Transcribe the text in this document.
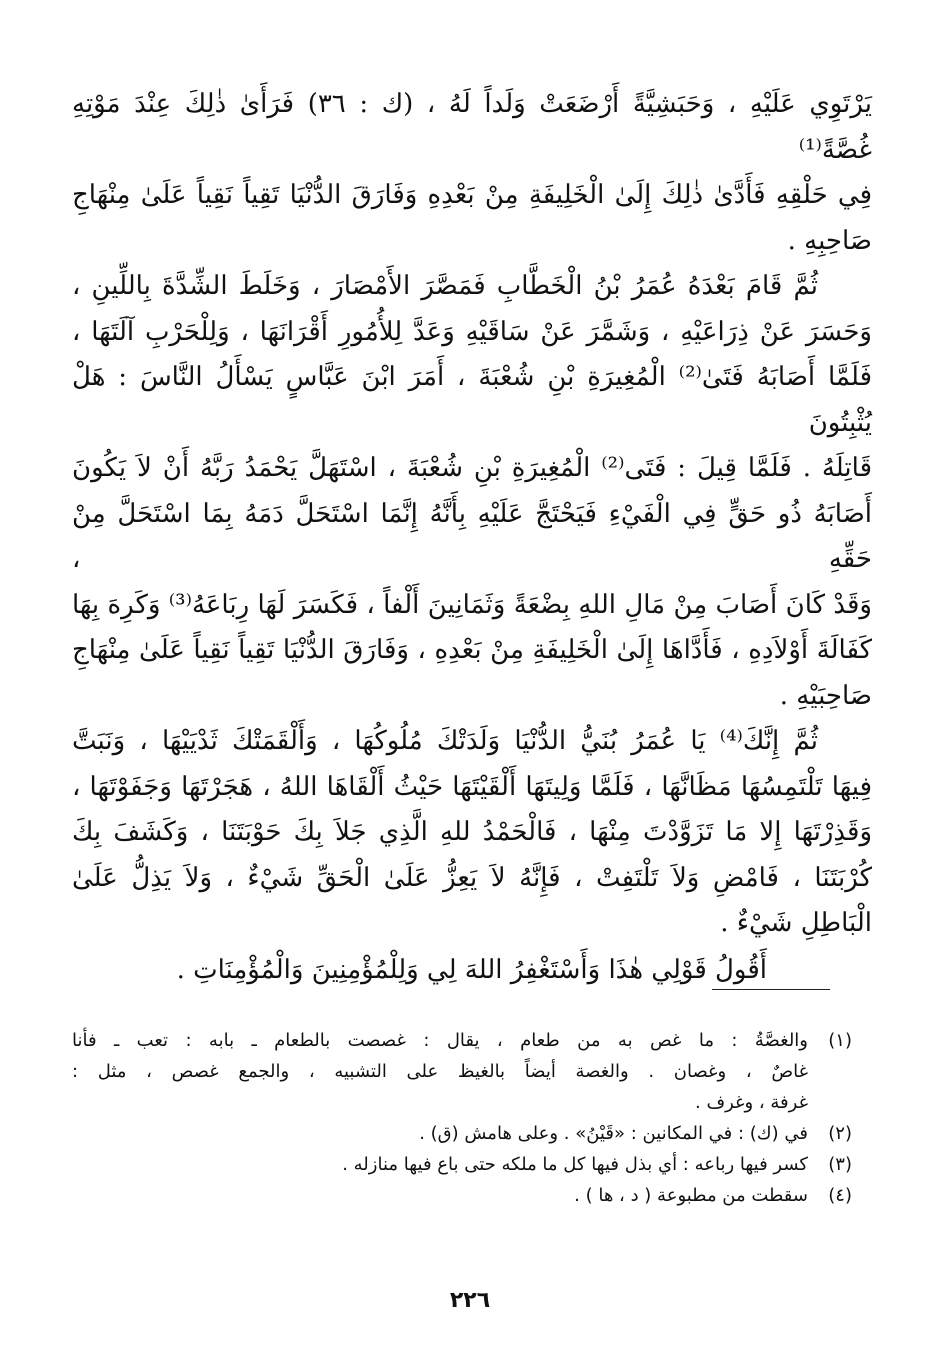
يَرْتَوِي عَلَيْهِ ، وَحَبَشِيَّةً أَرْضَعَتْ وَلَداً لَهُ ، (ك : ٣٦) فَرَأَىٰ ذٰلِكَ عِنْدَ مَوْتِهِ غُصَّةً⁽¹⁾
فِي حَلْقِهِ فَأَدَّىٰ ذٰلِكَ إِلَىٰ الْخَلِيفَةِ مِنْ بَعْدِهِ وَفَارَقَ الدُّنْيَا تَقِياً نَقِياً عَلَىٰ مِنْهَاجِ
صَاحِبِهِ .
ثُمَّ قَامَ بَعْدَهُ عُمَرُ بْنُ الْخَطَّابِ فَمَصَّرَ الأَمْصَارَ ، وَخَلَطَ الشِّدَّةَ بِاللِّينِ ،
وَحَسَرَ عَنْ ذِرَاعَيْهِ ، وَشَمَّرَ عَنْ سَاقَيْهِ وَعَدَّ لِلأُمُورِ أَقْرَانَهَا ، وَلِلْحَرْبِ آلَتَهَا ،
فَلَمَّا أَصَابَهُ فَتَىٰ⁽²⁾ الْمُغِيرَةِ بْنِ شُعْبَةَ ، أَمَرَ ابْنَ عَبَّاسٍ يَسْأَلُ النَّاسَ : هَلْ يُثْبِتُونَ
قَاتِلَهُ . فَلَمَّا قِيلَ : فَتَى⁽²⁾ الْمُغِيرَةِ بْنِ شُعْبَةَ ، اسْتَهَلَّ يَحْمَدُ رَبَّهُ أَنْ لاَ يَكُونَ
أَصَابَهُ ذُو حَقٍّ فِي الْفَيْءِ فَيَحْتَجَّ عَلَيْهِ بِأَنَّهُ إِنَّمَا اسْتَحَلَّ دَمَهُ بِمَا اسْتَحَلَّ مِنْ حَقِّهِ ،
وَقَدْ كَانَ أَصَابَ مِنْ مَالِ اللهِ بِضْعَةً وَثَمَانِينَ أَلْفاً ، فَكَسَرَ لَهَا رِبَاعَهُ⁽³⁾ وَكَرِهَ بِهَا
كَفَالَةَ أَوْلاَدِهِ ، فَأَدَّاهَا إِلَىٰ الْخَلِيفَةِ مِنْ بَعْدِهِ ، وَفَارَقَ الدُّنْيَا تَقِياً نَقِياً عَلَىٰ مِنْهَاجِ
صَاحِبَيْهِ .
ثُمَّ إِنَّكَ⁽⁴⁾ يَا عُمَرُ بُنَيُّ الدُّنْيَا وَلَدَتْكَ مُلُوكُهَا ، وَأَلْقَمَتْكَ ثَدْيَيْهَا ، وَنَبَتَّ
فِيهَا تَلْتَمِسُهَا مَظَانَّهَا ، فَلَمَّا وَلِيتَهَا أَلْقَيْتَهَا حَيْثُ أَلْقَاهَا اللهُ ، هَجَرْتَهَا وَجَفَوْتَهَا ،
وَقَذِرْتَهَا إِلا مَا تَزَوَّدْتَ مِنْهَا ، فَالْحَمْدُ للهِ الَّذِي جَلاَ بِكَ حَوْبَتَنَا ، وَكَشَفَ بِكَ
كُرْبَتَنَا ، فَامْضِ وَلاَ تَلْتَفِتْ ، فَإِنَّهُ لاَ يَعِزُّ عَلَىٰ الْحَقِّ شَيْءٌ ، وَلاَ يَذِلُّ عَلَىٰ
الْبَاطِلِ شَيْءٌ .

أَقُولُ قَوْلِي هٰذَا وَأَسْتَغْفِرُ اللهَ لِي وَلِلْمُؤْمِنِينَ وَالْمُؤْمِنَاتِ .

(١)
والغصَّةُ : ما غص به من طعام ، يقال : غصصت بالطعام ـ بابه : تعب ـ فأنا
غاصٌ ، وغصان . والغصة أيضاً بالغيظ على التشبيه ، والجمع غصص ، مثل :
غرفة ، وغرف .
(٢)
في (ك) : في المكانين : «قَيْنُ» . وعلى هامش (ق) .
(٣)
كسر فيها رباعه : أي بذل فيها كل ما ملكه حتى باع فيها منازله .
(٤)
سقطت من مطبوعة ( د ، ها ) .
٢٢٦
